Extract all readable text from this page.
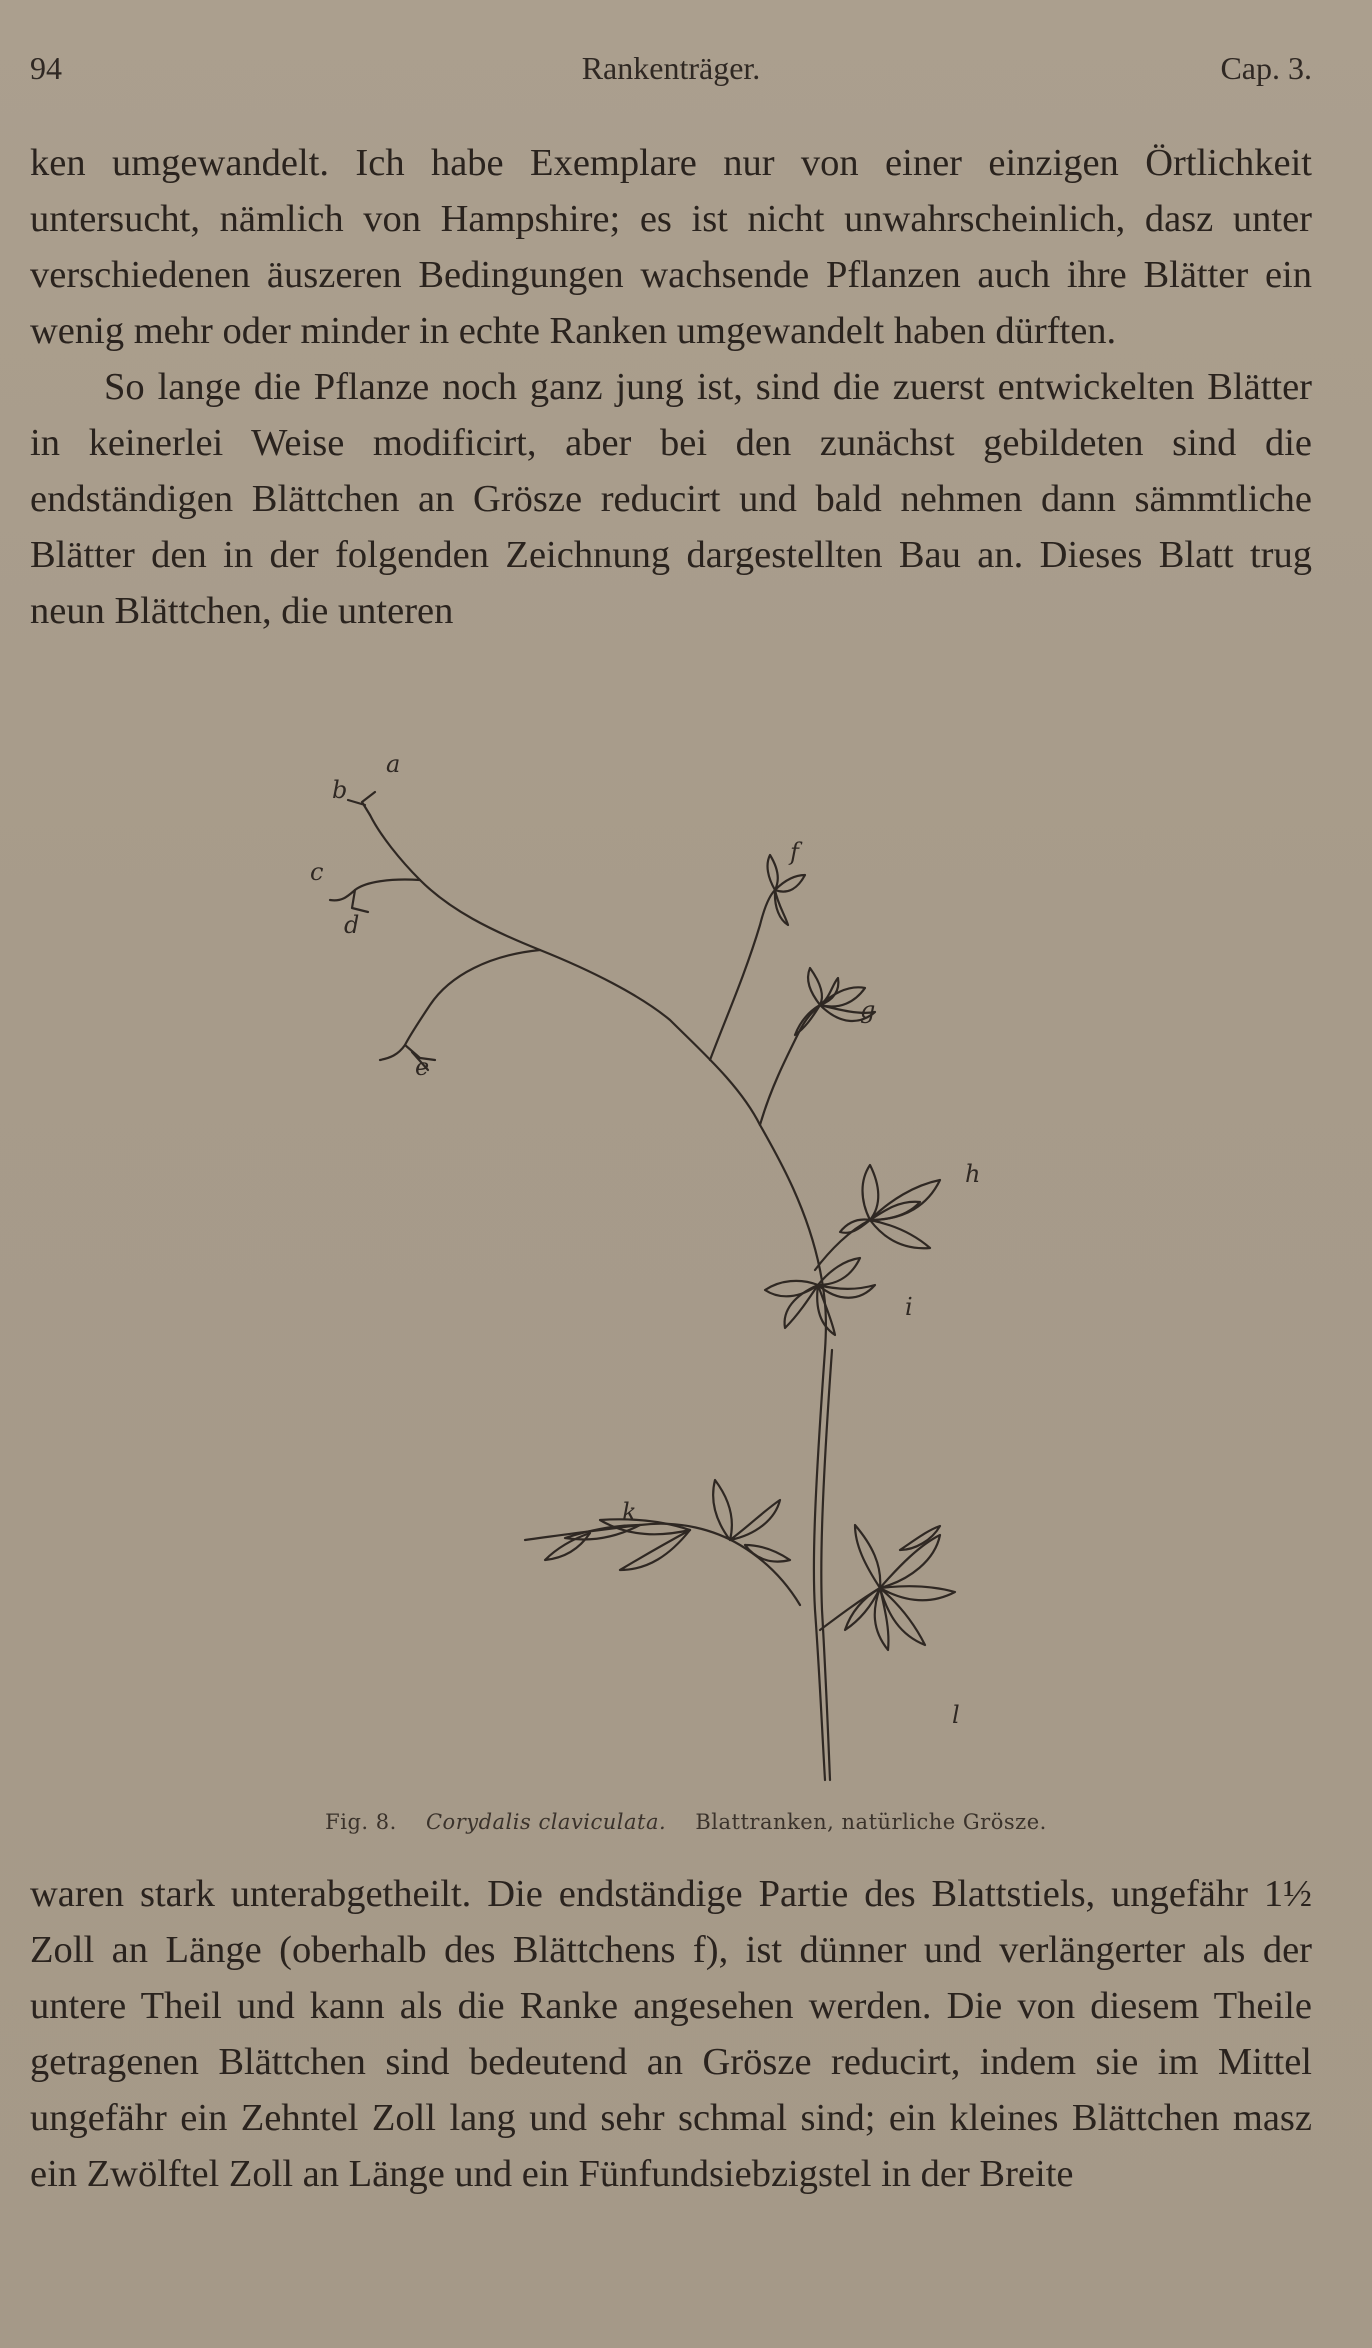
94	Rankenträger.	Cap. 3.

ken umgewandelt. Ich habe Exemplare nur von einer einzigen Örtlichkeit untersucht, nämlich von Hampshire; es ist nicht unwahrscheinlich, dasz unter verschiedenen äuszeren Bedingungen wachsende Pflanzen auch ihre Blätter ein wenig mehr oder minder in echte Ranken umgewandelt haben dürften.

So lange die Pflanze noch ganz jung ist, sind die zuerst entwickelten Blätter in keinerlei Weise modificirt, aber bei den zunächst gebildeten sind die endständigen Blättchen an Grösze reducirt und bald nehmen dann sämmtliche Blätter den in der folgenden Zeichnung dargestellten Bau an. Dieses Blatt trug neun Blättchen, die unteren

a
b
c
d
e
f
g
h
i
k
l
Fig. 8. Corydalis claviculata. Blattranken, natürliche Grösze.

waren stark unterabgetheilt. Die endständige Partie des Blattstiels, ungefähr 1½ Zoll an Länge (oberhalb des Blättchens f), ist dünner und verlängerter als der untere Theil und kann als die Ranke angesehen werden. Die von diesem Theile getragenen Blättchen sind bedeutend an Grösze reducirt, indem sie im Mittel ungefähr ein Zehntel Zoll lang und sehr schmal sind; ein kleines Blättchen masz ein Zwölftel Zoll an Länge und ein Fünfundsiebzigstel in der Breite
